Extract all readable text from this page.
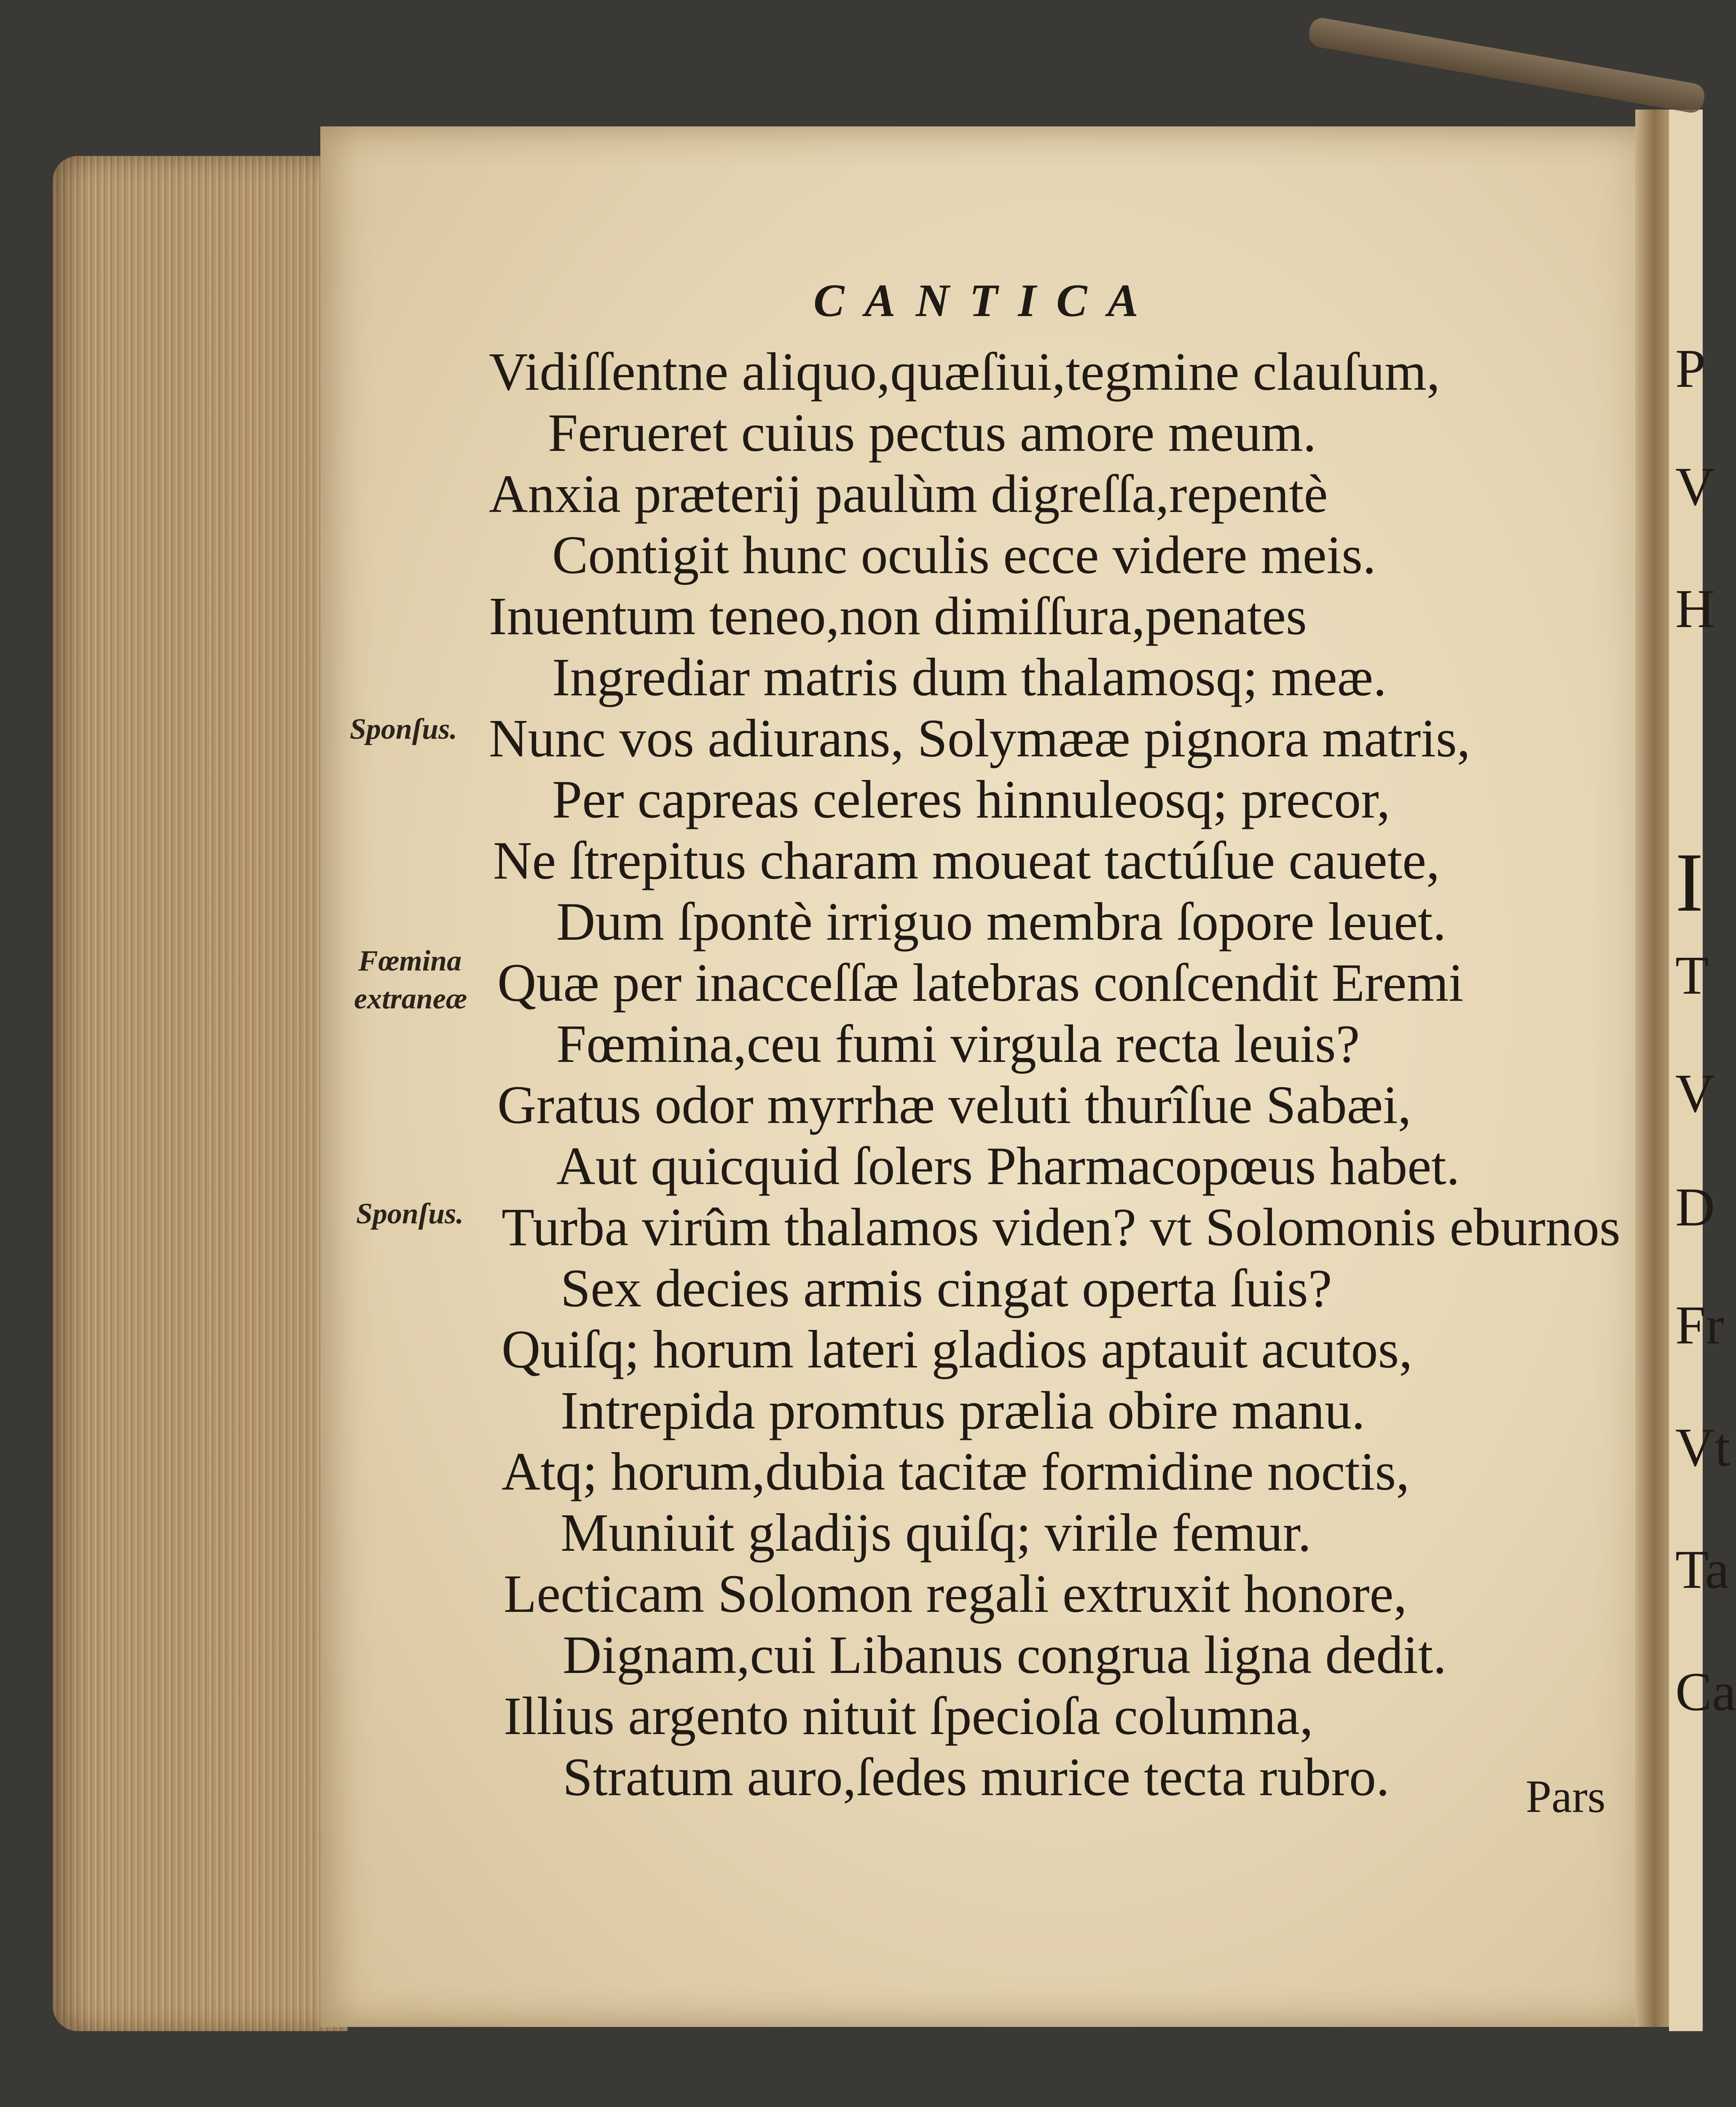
CANTICA
Vidiſſentne aliquo,quæſiui,tegmine clauſum,
Ferueret cuius pectus amore meum.
Anxia præterij paulùm digreſſa,repentè
Contigit hunc oculis ecce videre meis.
Inuentum teneo,non dimiſſura,penates
Ingrediar matris dum thalamosq; meæ.
Nunc vos adiurans, Solymææ pignora matris,
Per capreas celeres hinnuleosq; precor,
Ne ſtrepitus charam moueat tactúſue cauete,
Dum ſpontè irriguo membra ſopore leuet.
Quæ per inacceſſæ latebras conſcendit Eremi
Fœmina,ceu fumi virgula recta leuis?
Gratus odor myrrhæ veluti thurîſue Sabæi,
Aut quicquid ſolers Pharmacopœus habet.
Turba virûm thalamos viden? vt Solomonis eburnos
Sex decies armis cingat operta ſuis?
Quiſq; horum lateri gladios aptauit acutos,
Intrepida promtus prælia obire manu.
Atq; horum,dubia tacitæ formidine noctis,
Muniuit gladijs quiſq; virile femur.
Lecticam Solomon regali extruxit honore,
Dignam,cui Libanus congrua ligna dedit.
Illius argento nituit ſpecioſa columna,
Stratum auro,ſedes murice tecta rubro.
Sponſus.
Fœmina
extraneæ
Sponſus.
Pars
P
V
H
I
T
V
D
Fr
Vt
Ta
Ca
